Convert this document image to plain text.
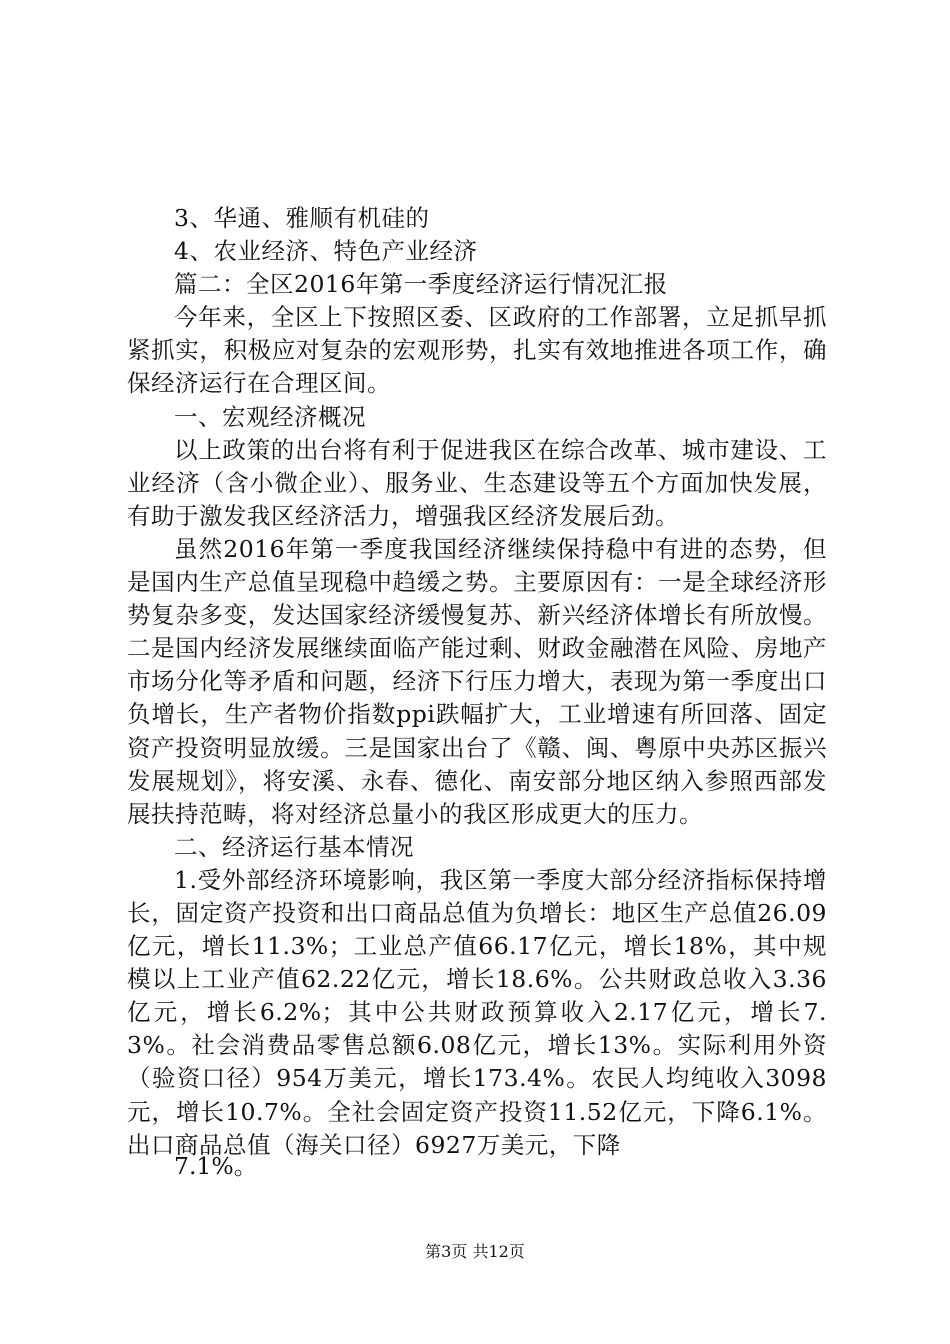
3、华通、雅顺有机硅的

4、农业经济、特色产业经济

篇二：全区2016年第一季度经济运行情况汇报

今年来，全区上下按照区委、区政府的工作部署，立足抓早抓紧抓实，积极应对复杂的宏观形势，扎实有效地推进各项工作，确保经济运行在合理区间。

一、宏观经济概况

以上政策的出台将有利于促进我区在综合改革、城市建设、工业经济（含小微企业）、服务业、生态建设等五个方面加快发展，有助于激发我区经济活力，增强我区经济发展后劲。

虽然2016年第一季度我国经济继续保持稳中有进的态势，但是国内生产总值呈现稳中趋缓之势。主要原因有：一是全球经济形势复杂多变，发达国家经济缓慢复苏、新兴经济体增长有所放慢。二是国内经济发展继续面临产能过剩、财政金融潜在风险、房地产市场分化等矛盾和问题，经济下行压力增大，表现为第一季度出口负增长，生产者物价指数ppi跌幅扩大，工业增速有所回落、固定资产投资明显放缓。三是国家出台了《赣、闽、粤原中央苏区振兴发展规划》，将安溪、永春、德化、南安部分地区纳入参照西部发展扶持范畴，将对经济总量小的我区形成更大的压力。

二、经济运行基本情况

1.受外部经济环境影响，我区第一季度大部分经济指标保持增长，固定资产投资和出口商品总值为负增长：地区生产总值26.09亿元，增长11.3%；工业总产值66.17亿元，增长18%，其中规模以上工业产值62.22亿元，增长18.6%。公共财政总收入3.36亿元，增长6.2%；其中公共财政预算收入2.17亿元，增长7.3%。社会消费品零售总额6.08亿元，增长13%。实际利用外资（验资口径）954万美元，增长173.4%。农民人均纯收入3098元，增长10.7%。全社会固定资产投资11.52亿元，下降6.1%。出口商品总值（海关口径）6927万美元，下降

7.1%。
第3页 共12页
